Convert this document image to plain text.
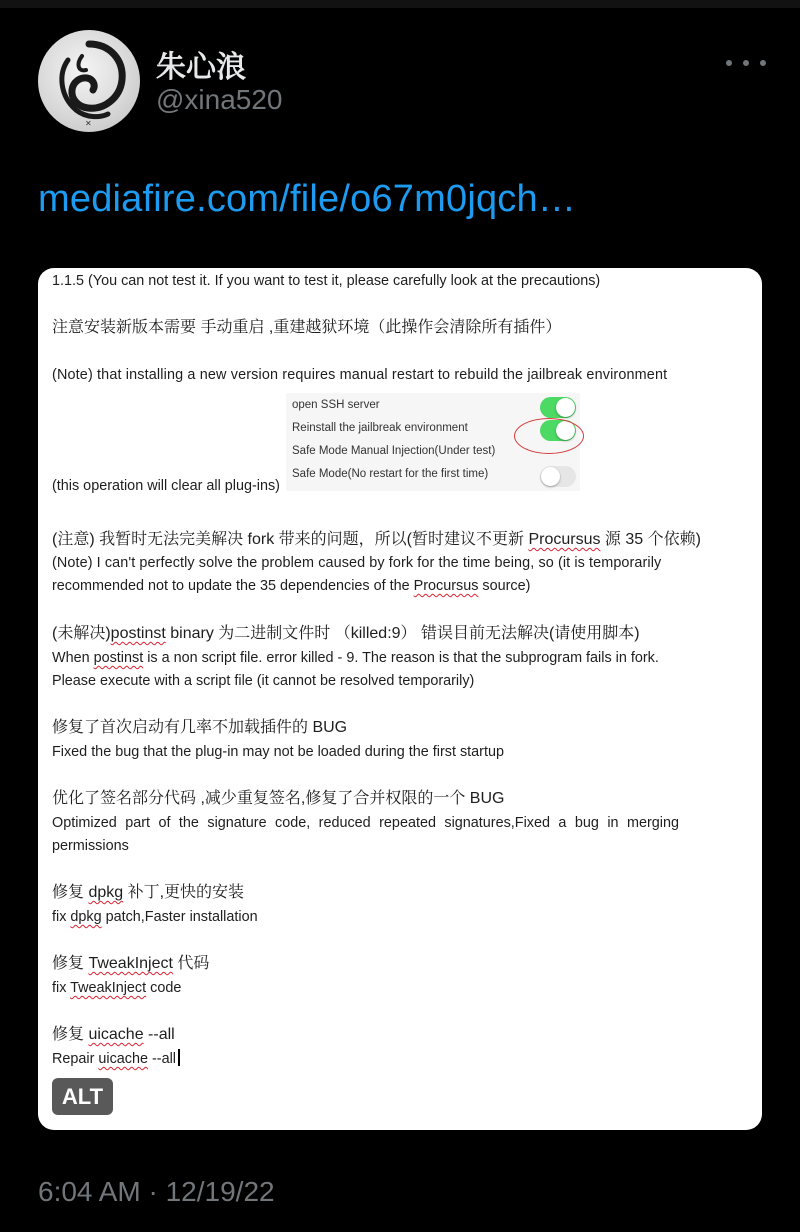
✕
朱心浪
@xina520
mediafire.com/file/o67m0jqch…
1.1.5 (You can not test it. If you want to test it, please carefully look at the precautions)
注意安装新版本需要 手动重启 ,重建越狱环境（此操作会清除所有插件）
(Note) that installing a new version requires manual restart to rebuild the jailbreak environment
open SSH server
Reinstall the jailbreak environment
Safe Mode Manual Injection(Under test)
Safe Mode(No restart for the first time)
(this operation will clear all plug-ins)
(注意) 我暂时无法完美解决 fork 带来的问题，所以(暂时建议不更新 Procursus 源 35 个依赖)
(Note) I can't perfectly solve the problem caused by fork for the time being, so (it is temporarily
recommended not to update the 35 dependencies of the Procursus source)
(未解决)postinst binary 为二进制文件时 （killed:9） 错误目前无法解决(请使用脚本)
When postinst is a non script file. error killed - 9. The reason is that the subprogram fails in fork.
Please execute with a script file (it cannot be resolved temporarily)
修复了首次启动有几率不加载插件的 BUG
Fixed the bug that the plug-in may not be loaded during the first startup
优化了签名部分代码 ,减少重复签名,修复了合并权限的一个 BUG
Optimized part of the signature code, reduced repeated signatures,Fixed a bug in merging
permissions
修复 dpkg 补丁,更快的安装
fix dpkg patch,Faster installation
修复 TweakInject 代码
fix TweakInject code
修复 uicache --all
Repair uicache --all
ALT
6:04 AM · 12/19/22
